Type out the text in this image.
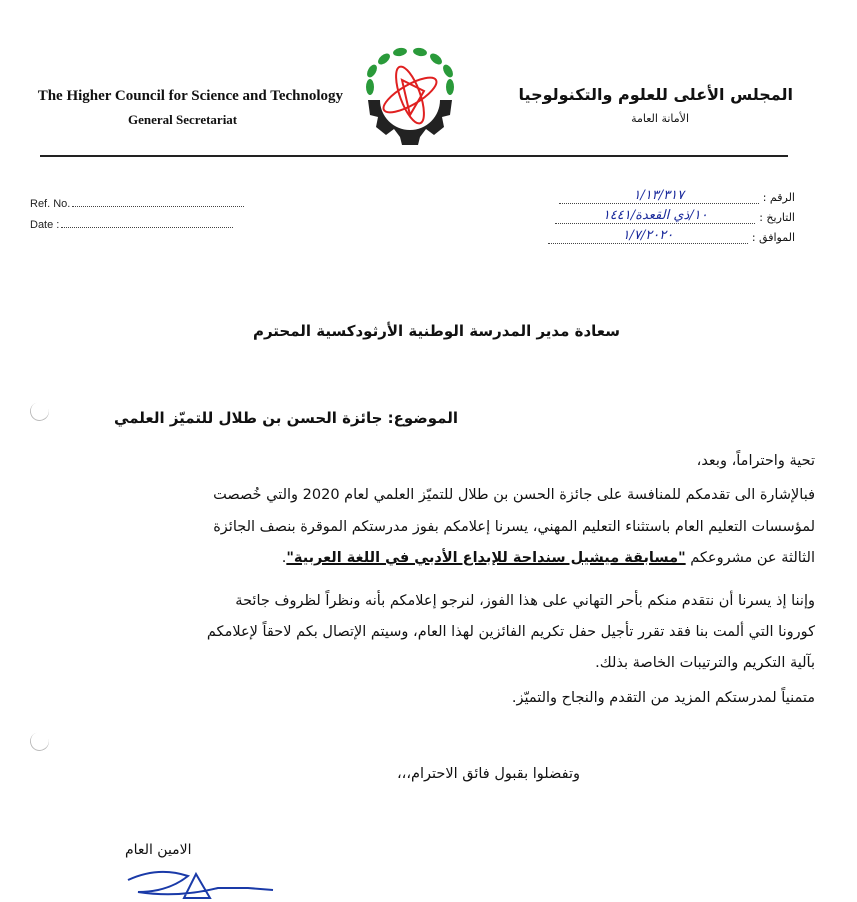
The Higher Council for Science and Technology
General Secretariat
المجلس الأعلى للعلوم والتكنولوجيا
الأمانة العامة
Ref. No.
Date :
الرقم :
١/١٣/٣١٧
التاريخ :
١٠/ذي القعدة/١٤٤١
الموافق :
١/٧/٢٠٢٠
سعادة مدير المدرسة الوطنية الأرثودكسية المحترم
الموضوع: جائزة الحسن بن طلال للتميّز العلمي
تحية واحتراماً، وبعد،
فبالإشارة الى تقدمكم للمنافسة على جائزة الحسن بن طلال للتميّز العلمي لعام 2020 والتي خُصصت
لمؤسسات التعليم العام باستثناء التعليم المهني، يسرنا إعلامكم بفوز مدرستكم الموقرة بنصف الجائزة
الثالثة عن مشروعكم "مسابقة ميشيل سنداحة للإبداع الأدبي في اللغة العربية".
وإننا إذ يسرنا أن نتقدم منكم بأحر التهاني على هذا الفوز، لنرجو إعلامكم بأنه ونظراً لظروف جائحة
كورونا التي ألمت بنا فقد تقرر تأجيل حفل تكريم الفائزين لهذا العام، وسيتم الإتصال بكم لاحقاً لإعلامكم
بآلية التكريم والترتيبات الخاصة بذلك.
متمنياً لمدرستكم المزيد من التقدم والنجاح والتميّز.
وتفضلوا بقبول فائق الاحترام،،،
الامين العام
